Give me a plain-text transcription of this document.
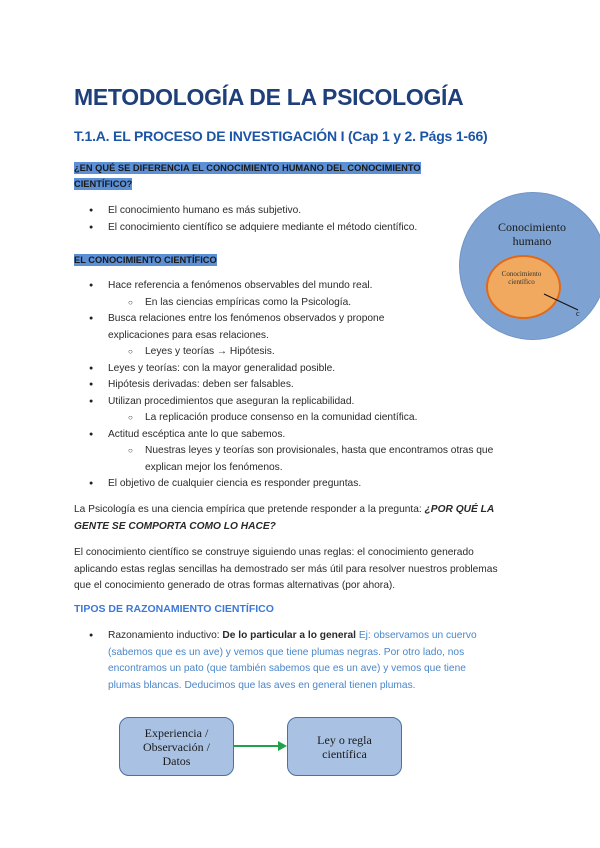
METODOLOGÍA DE LA PSICOLOGÍA
T.1.A. EL PROCESO DE INVESTIGACIÓN I (Cap 1 y 2. Págs 1-66)
¿EN QUÉ SE DIFERENCIA EL CONOCIMIENTO HUMANO DEL CONOCIMIENTO
CIENTÍFICO?
● El conocimiento humano es más subjetivo.
● El conocimiento científico se adquiere mediante el método científico.
EL CONOCIMIENTO CIENTÍFICO
● Hace referencia a fenómenos observables del mundo real.
○ En las ciencias empíricas como la Psicología.
● Busca relaciones entre los fenómenos observados y propone
explicaciones para esas relaciones.
○ Leyes y teorías → Hipótesis.
● Leyes y teorías: con la mayor generalidad posible.
● Hipótesis derivadas: deben ser falsables.
● Utilizan procedimientos que aseguran la replicabilidad.
○ La replicación produce consenso en la comunidad científica.
● Actitud escéptica ante lo que sabemos.
○ Nuestras leyes y teorías son provisionales, hasta que encontramos otras que
explican mejor los fenómenos.
● El objetivo de cualquier ciencia es responder preguntas.
Conocimiento
humano
Conocimiento
científico
c

La Psicología es una ciencia empírica que pretende responder a la pregunta: ¿POR QUÉ LA
GENTE SE COMPORTA COMO LO HACE?

El conocimiento científico se construye siguiendo unas reglas: el conocimiento generado
aplicando estas reglas sencillas ha demostrado ser más útil para resolver nuestros problemas
que el conocimiento generado de otras formas alternativas (por ahora).

TIPOS DE RAZONAMIENTO CIENTÍFICO
● Razonamiento inductivo: De lo particular a lo general Ej: observamos un cuervo
(sabemos que es un ave) y vemos que tiene plumas negras. Por otro lado, nos
encontramos un pato (que también sabemos que es un ave) y vemos que tiene
plumas blancas. Deducimos que las aves en general tienen plumas.
Experiencia /
Observación /
Datos
Ley o regla
científica
